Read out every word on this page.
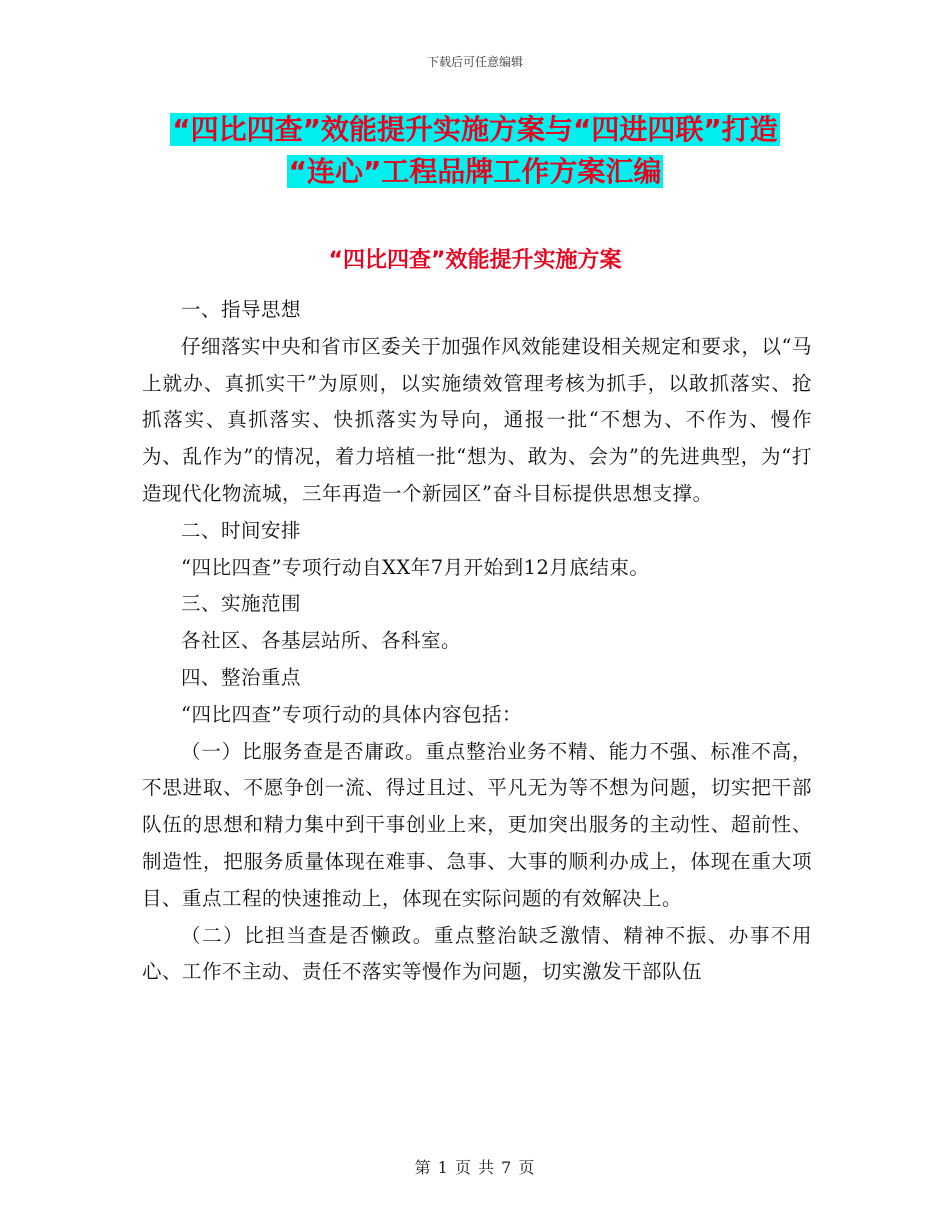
下载后可任意编辑
“四比四查”效能提升实施方案与“四进四联”打造
“连心”工程品牌工作方案汇编
“四比四查”效能提升实施方案

一、指导思想

仔细落实中央和省市区委关于加强作风效能建设相关规定和要求，以“马上就办、真抓实干”为原则，以实施绩效管理考核为抓手，以敢抓落实、抢抓落实、真抓落实、快抓落实为导向，通报一批“不想为、不作为、慢作为、乱作为”的情况，着力培植一批“想为、敢为、会为”的先进典型，为“打造现代化物流城，三年再造一个新园区”奋斗目标提供思想支撑。

二、时间安排

“四比四查”专项行动自XX年7月开始到12月底结束。

三、实施范围

各社区、各基层站所、各科室。

四、整治重点

“四比四查”专项行动的具体内容包括：

（一）比服务查是否庸政。重点整治业务不精、能力不强、标准不高，不思进取、不愿争创一流、得过且过、平凡无为等不想为问题，切实把干部队伍的思想和精力集中到干事创业上来，更加突出服务的主动性、超前性、制造性，把服务质量体现在难事、急事、大事的顺利办成上，体现在重大项目、重点工程的快速推动上，体现在实际问题的有效解决上。

（二）比担当查是否懒政。重点整治缺乏激情、精神不振、办事不用心、工作不主动、责任不落实等慢作为问题，切实激发干部队伍

第 1 页 共 7 页
